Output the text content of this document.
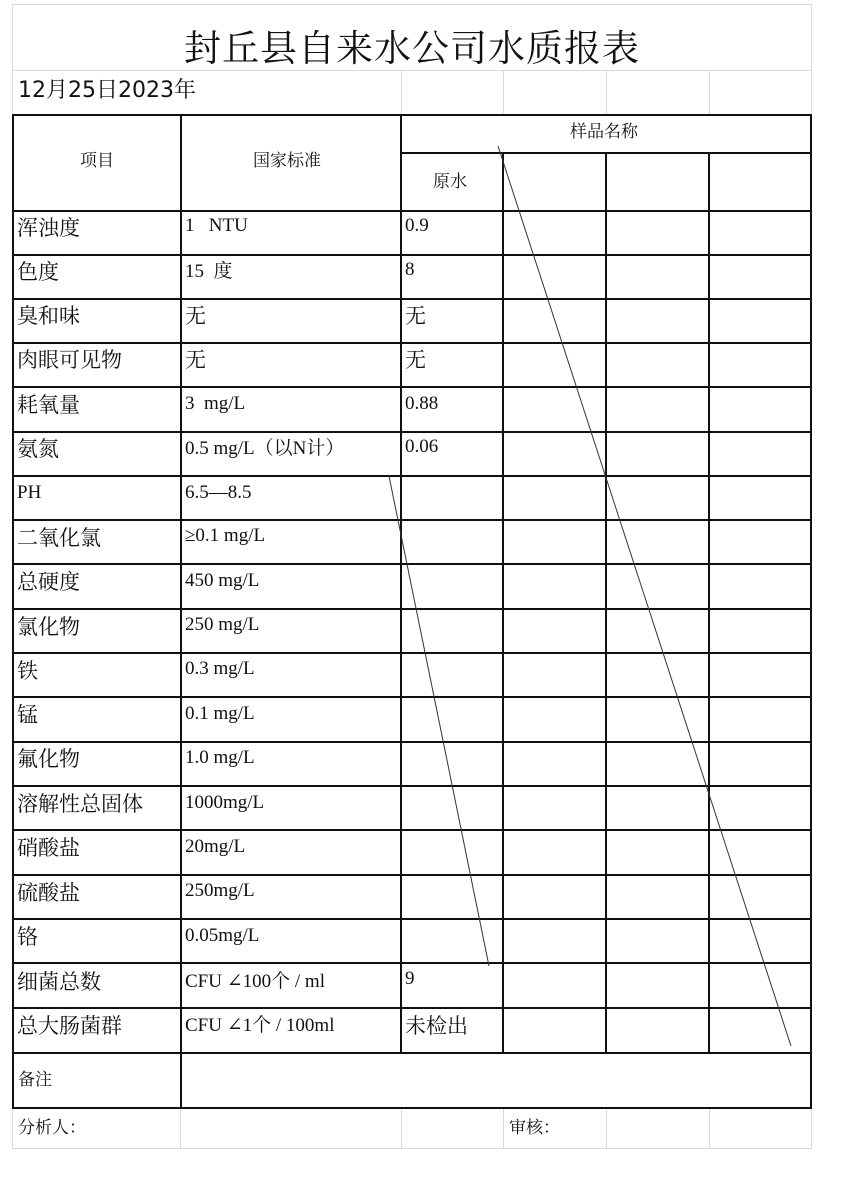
封丘县自来水公司水质报表
12月25日2023年
项目	国家标准
样品名称
原水
浑浊度	1   NTU	0.9
色度	15  度	8
臭和味	无	无
肉眼可见物	无	无
耗氧量	3  mg/L	0.88
氨氮	0.5 mg/L（以N计）	0.06
PH	6.5—8.5
二氧化氯	≥0.1 mg/L
总硬度	450 mg/L
氯化物	250 mg/L
铁	0.3 mg/L
锰	0.1 mg/L
氟化物	1.0 mg/L
溶解性总固体 1000mg/L
硝酸盐	20mg/L
硫酸盐	250mg/L
铬	0.05mg/L
细菌总数	CFU ∠100个 / ml	9
总大肠菌群	CFU ∠1个 / 100ml	未检出
备注
分析人：	审核：
